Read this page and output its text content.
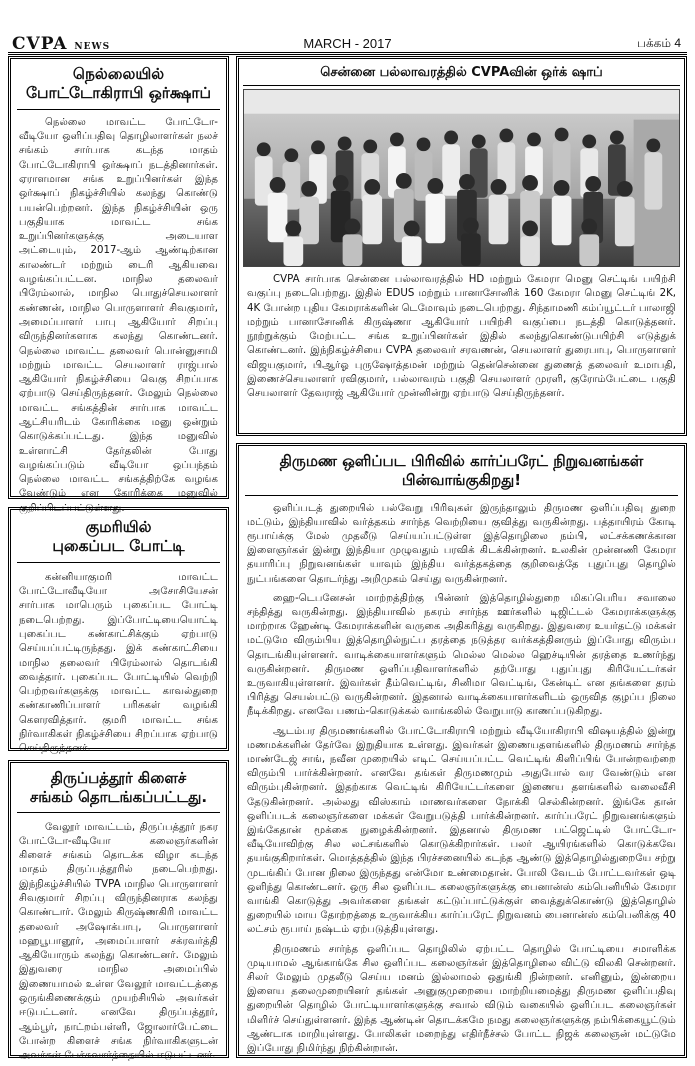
CVPA NEWS	MARCH - 2017	பக்கம் 4
நெல்லையில்
போட்டோகிராபி ஒர்க்ஷாப்

நெல்லை மாவட்ட போட்டோ-வீடியோ ஒளிப்பதிவு தொழிலாளர்கள் நலச் சங்கம் சார்பாக கடந்த மாதம் போட்டோகிராபி ஒர்க்ஷாப் நடத்தினார்கள். ஏராளமான சங்க உறுப்பினர்கள் இந்த ஒர்க்ஷாப் நிகழ்ச்சியில் கலந்து கொண்டு பயன்பெற்றனர். இந்த நிகழ்ச்சியின் ஒரு பகுதியாக மாவட்ட சங்க உறுப்பினர்களுக்கு அடையாள அட்டையும், 2017-ஆம் ஆண்டிற்கான காலண்டர் மற்றும் டைரி ஆகியவை வழங்கப்பட்டன. மாநில தலைவர் பிரேம்லால், மாநில பொதுச்செயலாளர் கண்ணன், மாநில பொருளாளர் சிவகுமார், அமைப்பாளர் பாபு ஆகியோர் சிறப்பு விருந்தினர்களாக கலந்து கொண்டனர். நெல்லை மாவட்ட தலைவர் பொன்னுசாமி மற்றும் மாவட்ட செயலாளர் ராஜ்பால் ஆகியோர் நிகழ்ச்சியை வெகு சிறப்பாக ஏற்பாடு செய்திருந்தனர். மேலும் நெல்லை மாவட்ட சங்கத்தின் சார்பாக மாவட்ட ஆட்சியரிடம் கோரிக்கை மனு ஒன்றும் கொடுக்கப்பட்டது. இந்த மனுவில் உள்ளாட்சி தேர்தலின் போது வழங்கப்படும் வீடியோ ஒப்பந்தம் நெல்லை மாவட்ட சங்கத்திற்கே வழங்க வேண்டும் என கோரிக்கை மனுவில் குறிப்பிடப்பட்டுள்ளது.

குமரியில்
புகைப்பட போட்டி

கன்னியாகுமரி மாவட்ட போட்டோவீடியோ அசோசியேசன் சார்பாக மாபெரும் புகைப்பட போட்டி நடைபெற்றது. இப்போட்டியையொட்டி புகைப்பட கண்காட்சிக்கும் ஏற்பாடு செய்யப்பட்டிருந்தது. இக் கண்காட்சியை மாநில தலைவர் பிரேம்லால் தொடங்கி வைத்தார். புகைப்பட போட்டியில் வெற்றி பெற்றவர்களுக்கு மாவட்ட காவல்துறை கண்காணிப்பாளர் பரிசுகள் வழங்கி கௌரவித்தார். குமரி மாவட்ட சங்க நிர்வாகிகள் நிகழ்ச்சியை சிறப்பாக ஏற்பாடு செய்திருந்தனர்.

திருப்பத்தூர் கிளைச்
சங்கம் தொடங்கப்பட்டது.

வேலூர் மாவட்டம், திருப்பத்தூர் நகர போட்டோ-வீடியோ கலைஞர்களின் கிளைச் சங்கம் தொடக்க விழா கடந்த மாதம் திருப்பத்தூரில் நடைபெற்றது. இந்நிகழ்ச்சியில் TVPA மாநில பொருளாளர் சிவகுமார் சிறப்பு விருந்தினராக கலந்து கொண்டார். மேலும் கிருஷ்ணகிரி மாவட்ட தலைவர் அஷோக்பாபு, பொருளாளர் மஹபூபானூர், அமைப்பாளர் சக்ரவர்த்தி ஆகியோரும் கலந்து கொண்டனர். மேலும் இதுவரை மாநில அமைப்பில் இணையாமல் உள்ள வேலூர் மாவட்டத்தை ஒருங்கிணைக்கும் முயற்சியில் அவர்கள் ஈடுபட்டனர். எனவே திருப்பத்தூர், ஆம்பூர், நாட்றம்பள்ளி, ஜோலார்பேட்டை போன்ற கிளைச் சங்க நிர்வாகிகளுடன் அவர்கள் பேச்சுவார்த்தையில் ஈடுபட்டனர்.

சென்னை பல்லாவரத்தில் CVPAவின் ஒர்க் ஷாப்

CVPA சார்பாக சென்னை பல்லாவரத்தில் HD மற்றும் கேமரா மெனு செட்டிங் பயிற்சி வகுப்பு நடைபெற்றது. இதில் EDUS மற்றும் பானாசோனிக் 160 கேமரா மெனு செட்டிங் 2K, 4K போன்ற புதிய கேமராக்களின் டெமோவும் நடைபெற்றது. சிந்தாமணி கம்ப்யூட்டர் பாலாஜி மற்றும் பானாசோனிக் கிருஷ்ணா ஆகியோர் பயிற்சி வகுப்பை நடத்தி கொடுத்தனர். நூற்றுக்கும் மேற்பட்ட சங்க உறுப்பினர்கள் இதில் கலந்துகொண்டுபயிற்சி எடுத்துக் கொண்டனர். இந்நிகழ்ச்சியை CVPA தலைவர் சரவணன், செயலாளர் துரைபாபு, பொருளாளர் விஜயகுமார், பிஆர்ஓ புருஷோத்தமன் மற்றும் தென்சென்னை துணைத் தலைவர் உமாபதி, இணைச்செயலாளர் ரவிகுமார், பல்லாவரம் பகுதி செயலாளர் முரளி, குரோம்பேட்டை பகுதி செயலாளர் தேவராஜ் ஆகியோர் முன்னின்று ஏற்பாடு செய்திருந்தனர்.

திருமண ஒளிப்பட பிரிவில் கார்ப்பரேட் நிறுவனங்கள்
பின்வாங்குகிறது!

ஒளிப்படத் துறையில் பல்வேறு பிரிவுகள் இருந்தாலும் திருமண ஒளிப்பதிவு துறை மட்டும், இந்தியாவில் வர்த்தகம் சார்ந்த வெற்றியை குவித்து வருகின்றது. பத்தாயிரம் கோடி ரூபாய்க்கு மேல் முதலீடு செய்யப்பட்டுள்ள இத்தொழிலை நம்பி, லட்சக்கணக்கான இளைஞர்கள் இன்று இந்தியா முழுவதும் பரவிக் கிடக்கின்றனர். உலகின் முன்னணி கேமரா தயாரிப்பு நிறுவனங்கள் யாவும் இந்திய வர்த்தகத்தை குறிவைத்தே புதுப்புது தொழில் நுட்பங்களை தொடர்ந்து அறிமுகம் செய்து வருகின்றனர்.

ஹை-டெபனேசன் மாற்றத்திற்கு பின்னர் இத்தொழில்துறை மிகப்பெரிய சவாலை சந்தித்து வருகின்றது. இந்தியாவில் நகரம் சார்ந்த ஊர்களில் டிஜிட்டல் கேமராக்களுக்கு மாற்றாக ஹேண்டி கேமராக்களின் வருகை அதிகரித்து வருகிறது. இதுவரை உயர்தட்டு மக்கள் மட்டுமே விரும்பிய இத்தொழில்நுட்ப தரத்தை நடுத்தர வர்க்கத்தினரும் இப்போது விரும்ப தொடங்கியுள்ளனர். வாடிக்கையாளர்களும் மெல்ல மெல்ல ஹெச்டியின் தரத்தை உணர்ந்து வருகின்றனர். திருமண ஒளிப்பதிவாளர்களில் தற்போது புதுப்புது கிரியேட்டர்கள் உருவாகியுள்ளனர். இவர்கள் தீம்வெட்டிங், சினிமா வெட்டிங், கேன்டிட் என தங்களை தரம் பிரித்து செயல்பட்டு வருகின்றனர். இதனால் வாடிக்கையாளர்களிடம் ஒருவித குழப்ப நிலை நீடிக்கிறது. எனவே பணம்-கொடுக்கல் வாங்கலில் வேறுபாடு காணப்படுகிறது.

ஆடம்பர திருமணங்களில் போட்டோகிராபி மற்றும் வீடியோகிராபி விஷயத்தில் இன்று மணமக்களின் தேர்வே இறுதியாக உள்ளது. இவர்கள் இணையதளங்களில் திருமணம் சார்ந்த மாண்டேஜ் சாங், நவீன முறையில் எடிட் செய்யப்பட்ட வெட்டிங் கிளிப்பிங் போன்றவற்றை விரும்பி பார்க்கின்றனர். எனவே தங்கள் திருமணமும் அதுபோல் வர வேண்டும் என விரும்புகின்றனர். இதற்காக வெட்டிங் கிரியேட்டர்களை இணைய தளங்களில் வலைவீசி தேடுகின்றனர். அல்லது விஸ்காம் மாணவர்களை நோக்கி செல்கின்றனர். இங்கே தான் ஒளிப்படக் கலைஞர்களை மக்கள் வேறுபடுத்தி பார்க்கின்றனர். கார்ப்பரேட் நிறுவனங்களும் இங்கேதான் மூக்கை நுழைக்கின்றனர். இதனால் திருமண பட்ஜெட்டில் போட்டோ-வீடியோவிற்கு சில லட்சங்களில் கொடுக்கிறார்கள். பலர் ஆயிரங்களில் கொடுக்கவே தயங்குகிறார்கள். மொத்தத்தில் இந்த பிரச்சனையில் கடந்த ஆண்டு இத்தொழில்துறையே சற்று முடங்கிப் போன நிலை இருந்தது என்மோ உண்மைதான். போலி வேடம் போட்டவர்கள் ஒடி ஒளிந்து கொண்டனர். ஒரு சில ஒளிப்பட கலைஞர்களுக்கு பைனான்ஸ் கம்பெனியில் கேமரா வாங்கி கொடுத்து அவர்களை தங்கள் கட்டுப்பாட்டுக்குள் வைத்துக்கொண்டு இத்தொழில் துறையில் மாய தோற்றத்தை உருவாக்கிய கார்ப்பரேட் நிறுவனம் பைனான்ஸ் கம்பெனிக்கு 40 லட்சம் ரூபாய் நஷ்டம் ஏற்படுத்தியுள்ளது.

திருமணம் சார்ந்த ஒளிப்பட தொழிலில் ஏற்பட்ட தொழில் போட்டியை சமாளிக்க முடியாமல் ஆங்காங்கே சில ஒளிப்பட கலைஞர்கள் இத்தொழிலை விட்டு விலகி சென்றனர். சிலர் மேலும் முதலீடு செய்ய மனம் இல்லாமல் ஒதுங்கி நின்றனர். எனினும், இன்றைய இளைய தலைமுறையினர் தங்கள் அனுகுமுறையை மாற்றியமைத்து திருமண ஒளிப்பதிவு துறையின் தொழில் போட்டியாளர்களுக்கு சவால் விடும் வகையில் ஒளிப்பட கலைஞர்கள் மிளிர்ச் செய்துள்ளனர். இந்த ஆண்டின் தொடக்கமே நமது கலைஞர்களுக்கு நம்பிக்கையூட்டும் ஆண்டாக மாறியுள்ளது. போலிகள் மறைந்து எதிர்நீச்சல் போட்ட நிஜக் கலைஞன் மட்டுமே இப்போது நிமிர்ந்து நிற்கின்றான்.
